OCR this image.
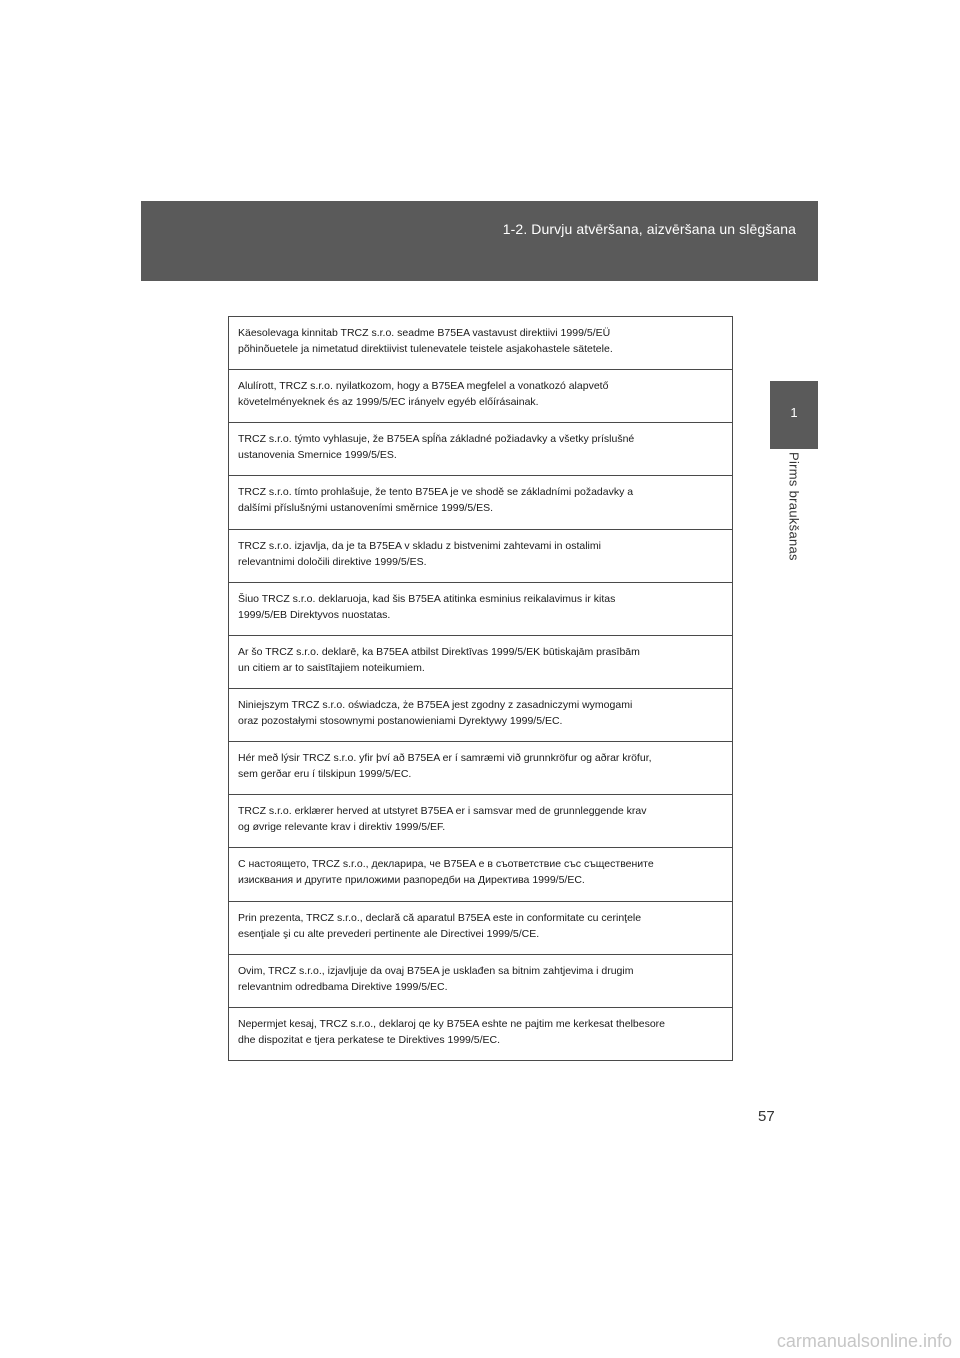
1-2. Durvju atvēršana, aizvēršana un slēgšana
1
Pirms braukšanas
Käesolevaga kinnitab TRCZ s.r.o. seadme B75EA vastavust direktiivi 1999/5/EÜ
põhinõuetele ja nimetatud direktiivist tulenevatele teistele asjakohastele sätetele.
Alulírott, TRCZ s.r.o. nyilatkozom, hogy a B75EA megfelel a vonatkozó alapvető
követelményeknek és az 1999/5/EC irányelv egyéb előírásainak.
TRCZ s.r.o. týmto vyhlasuje, že B75EA spĺňa základné požiadavky a všetky príslušné
ustanovenia Smernice 1999/5/ES.
TRCZ s.r.o. tímto prohlašuje, že tento B75EA je ve shodě se základními požadavky a
dalšími příslušnými ustanoveními směrnice 1999/5/ES.
TRCZ s.r.o. izjavlja, da je ta B75EA v skladu z bistvenimi zahtevami in ostalimi
relevantnimi določili direktive 1999/5/ES.
Šiuo TRCZ s.r.o. deklaruoja, kad šis B75EA atitinka esminius reikalavimus ir kitas
1999/5/EB Direktyvos nuostatas.
Ar šo TRCZ s.r.o. deklarē, ka B75EA atbilst Direktīvas 1999/5/EK būtiskajām prasībām
un citiem ar to saistītajiem noteikumiem.
Niniejszym TRCZ s.r.o. oświadcza, że B75EA jest zgodny z zasadniczymi wymogami
oraz pozostałymi stosownymi postanowieniami Dyrektywy 1999/5/EC.
Hér með lýsir TRCZ s.r.o. yfir því að B75EA er í samræmi við grunnkröfur og aðrar kröfur,
sem gerðar eru í tilskipun 1999/5/EC.
TRCZ s.r.o. erklærer herved at utstyret B75EA er i samsvar med de grunnleggende krav
og øvrige relevante krav i direktiv 1999/5/EF.
С настоящето, TRCZ s.r.o., декларира, че B75EA е в съответствие със съществените
изисквания и другите приложими разпоредби на Директива 1999/5/EC.
Prin prezenta, TRCZ s.r.o., declară că aparatul B75EA este in conformitate cu cerinţele
esenţiale şi cu alte prevederi pertinente ale Directivei 1999/5/CE.
Ovim, TRCZ s.r.o., izjavljuje da ovaj B75EA je usklađen sa bitnim zahtjevima i drugim
relevantnim odredbama Direktive 1999/5/EC.
Nepermjet kesaj, TRCZ s.r.o., deklaroj qe ky B75EA eshte ne pajtim me kerkesat thelbesore
dhe dispozitat e tjera perkatese te Direktives 1999/5/EC.
57
carmanualsonline.info
